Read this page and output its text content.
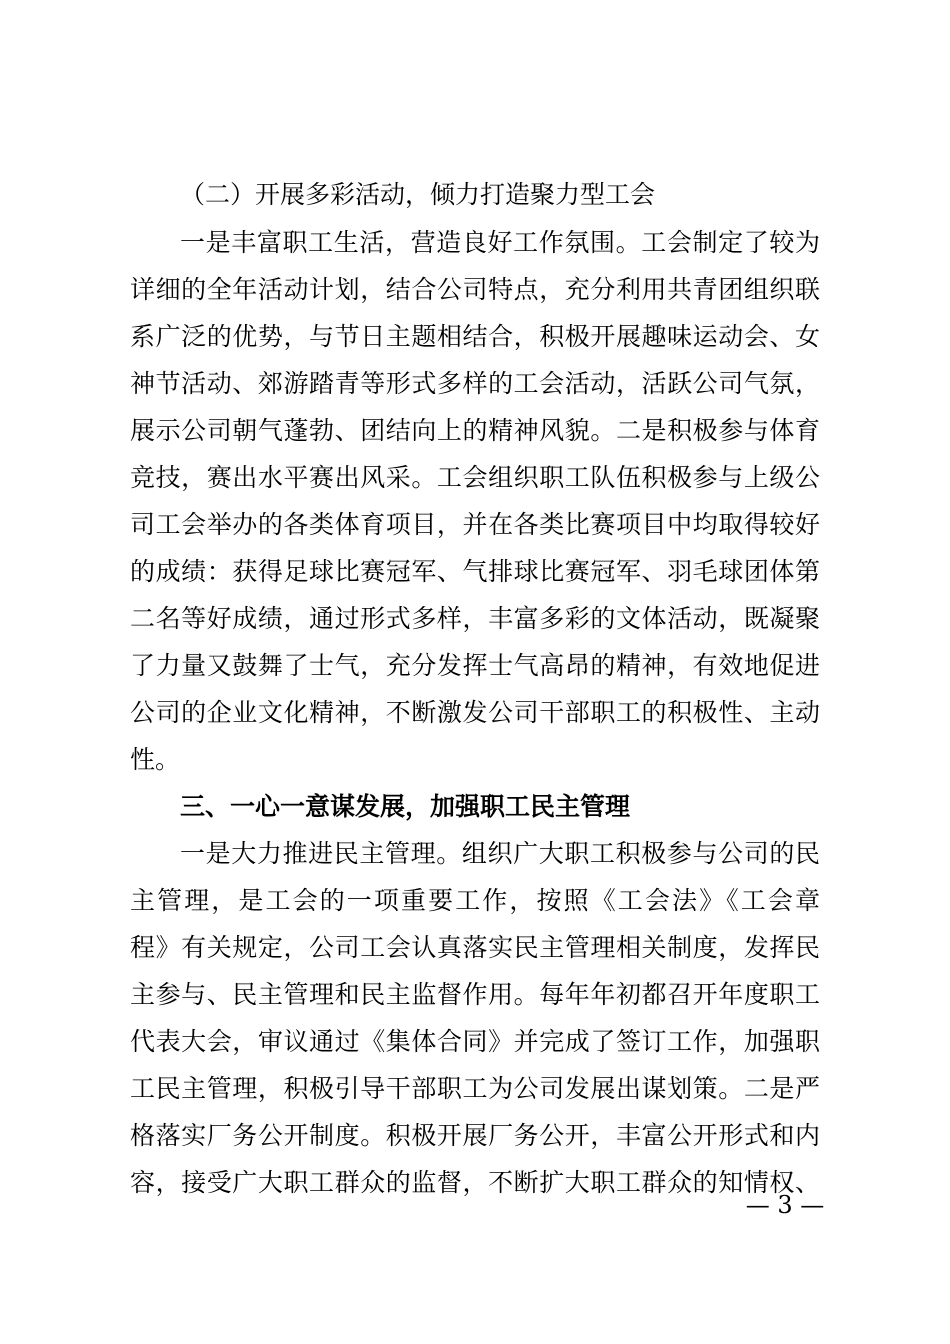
（二）开展多彩活动，倾力打造聚力型工会
一是丰富职工生活，营造良好工作氛围。工会制定了较为
详细的全年活动计划，结合公司特点，充分利用共青团组织联
系广泛的优势，与节日主题相结合，积极开展趣味运动会、女
神节活动、郊游踏青等形式多样的工会活动，活跃公司气氛，
展示公司朝气蓬勃、团结向上的精神风貌。二是积极参与体育
竞技，赛出水平赛出风采。工会组织职工队伍积极参与上级公
司工会举办的各类体育项目，并在各类比赛项目中均取得较好
的成绩：获得足球比赛冠军、气排球比赛冠军、羽毛球团体第
二名等好成绩，通过形式多样，丰富多彩的文体活动，既凝聚
了力量又鼓舞了士气，充分发挥士气高昂的精神，有效地促进
公司的企业文化精神，不断激发公司干部职工的积极性、主动
性。
三、一心一意谋发展，加强职工民主管理
一是大力推进民主管理。组织广大职工积极参与公司的民
主管理，是工会的一项重要工作，按照《工会法》《工会章
程》有关规定，公司工会认真落实民主管理相关制度，发挥民
主参与、民主管理和民主监督作用。每年年初都召开年度职工
代表大会，审议通过《集体合同》并完成了签订工作，加强职
工民主管理，积极引导干部职工为公司发展出谋划策。二是严
格落实厂务公开制度。积极开展厂务公开，丰富公开形式和内
容，接受广大职工群众的监督，不断扩大职工群众的知情权、
— 3 —
